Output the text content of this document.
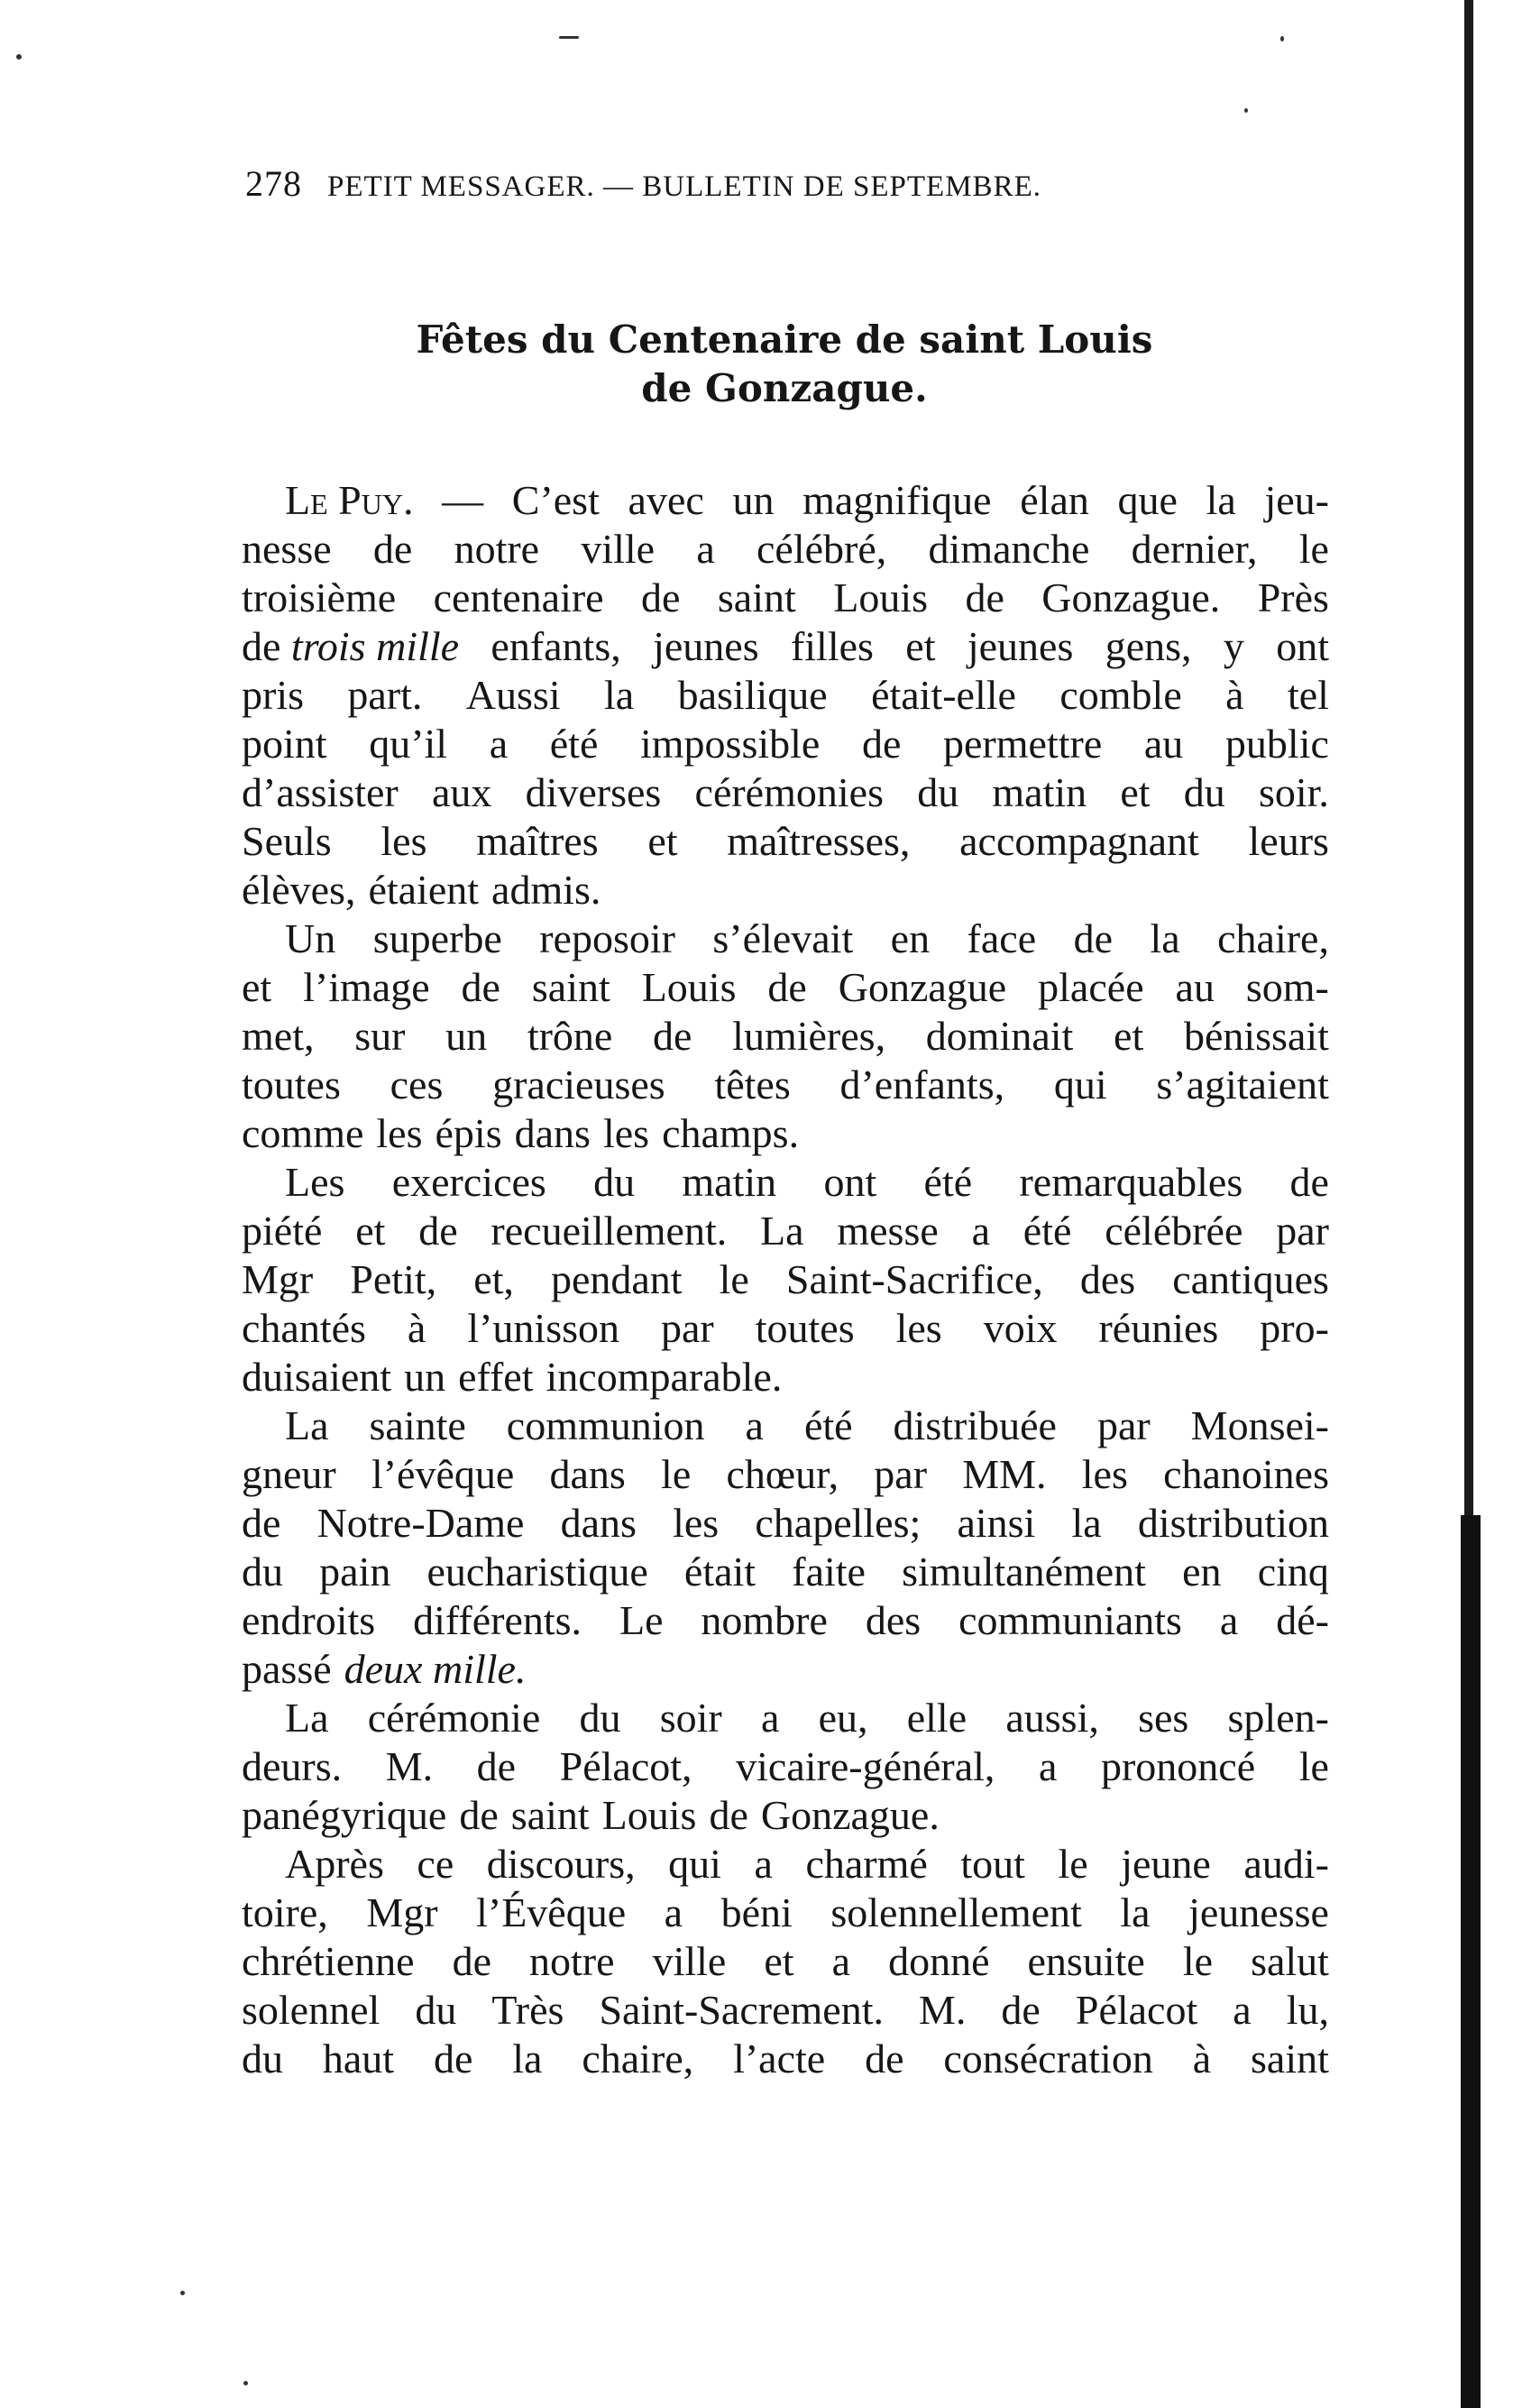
278 PETIT MESSAGER. — BULLETIN DE SEPTEMBRE.
Fêtes du Centenaire de saint Louis
de Gonzague.
Le Puy. — C’est avec un magnifique élan que la jeu-
nesse de notre ville a célébré, dimanche dernier, le
troisième centenaire de saint Louis de Gonzague. Près
de trois mille enfants, jeunes filles et jeunes gens, y ont
pris part. Aussi la basilique était-elle comble à tel
point qu’il a été impossible de permettre au public
d’assister aux diverses cérémonies du matin et du soir.
Seuls les maîtres et maîtresses, accompagnant leurs
élèves, étaient admis.
Un superbe reposoir s’élevait en face de la chaire,
et l’image de saint Louis de Gonzague placée au som-
met, sur un trône de lumières, dominait et bénissait
toutes ces gracieuses têtes d’enfants, qui s’agitaient
comme les épis dans les champs.
Les exercices du matin ont été remarquables de
piété et de recueillement. La messe a été célébrée par
Mgr Petit, et, pendant le Saint-Sacrifice, des cantiques
chantés à l’unisson par toutes les voix réunies pro-
duisaient un effet incomparable.
La sainte communion a été distribuée par Monsei-
gneur l’évêque dans le chœur, par MM. les chanoines
de Notre-Dame dans les chapelles; ainsi la distribution
du pain eucharistique était faite simultanément en cinq
endroits différents. Le nombre des communiants a dé-
passé deux mille.
La cérémonie du soir a eu, elle aussi, ses splen-
deurs. M. de Pélacot, vicaire-général, a prononcé le
panégyrique de saint Louis de Gonzague.
Après ce discours, qui a charmé tout le jeune audi-
toire, Mgr l’Évêque a béni solennellement la jeunesse
chrétienne de notre ville et a donné ensuite le salut
solennel du Très Saint-Sacrement. M. de Pélacot a lu,
du haut de la chaire, l’acte de consécration à saint
